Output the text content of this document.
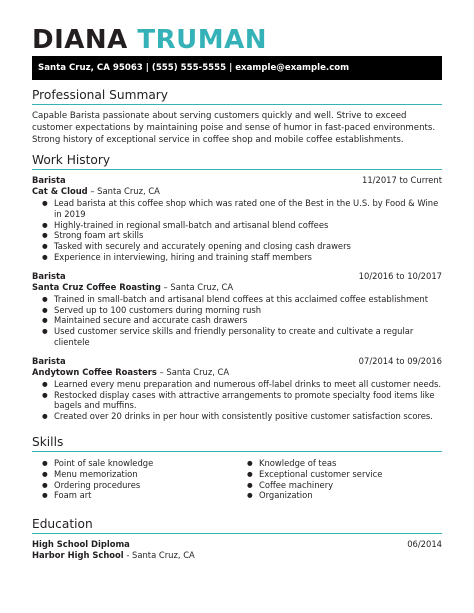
DIANA TRUMAN
Santa Cruz, CA 95063 | (555) 555-5555 | example@example.com
Professional Summary
Capable Barista passionate about serving customers quickly and well. Strive to exceed customer expectations by maintaining poise and sense of humor in fast-paced environments. Strong history of exceptional service in coffee shop and mobile coffee establishments.
Work History
Barista	11/2017 to Current
Cat & Cloud – Santa Cruz, CA
● Lead barista at this coffee shop which was rated one of the Best in the U.S. by Food & Wine in 2019
● Highly-trained in regional small-batch and artisanal blend coffees
● Strong foam art skills
● Tasked with securely and accurately opening and closing cash drawers
● Experience in interviewing, hiring and training staff members
Barista	10/2016 to 10/2017
Santa Cruz Coffee Roasting – Santa Cruz, CA
● Trained in small-batch and artisanal blend coffees at this acclaimed coffee establishment
● Served up to 100 customers during morning rush
● Maintained secure and accurate cash drawers
● Used customer service skills and friendly personality to create and cultivate a regular clientele
Barista	07/2014 to 09/2016
Andytown Coffee Roasters – Santa Cruz, CA
● Learned every menu preparation and numerous off-label drinks to meet all customer needs.
● Restocked display cases with attractive arrangements to promote specialty food items like bagels and muffins.
● Created over 20 drinks in per hour with consistently positive customer satisfaction scores.
Skills
● Point of sale knowledge
● Menu memorization
● Ordering procedures
● Foam art
● Knowledge of teas
● Exceptional customer service
● Coffee machinery
● Organization
Education
High School Diploma	06/2014
Harbor High School - Santa Cruz, CA
